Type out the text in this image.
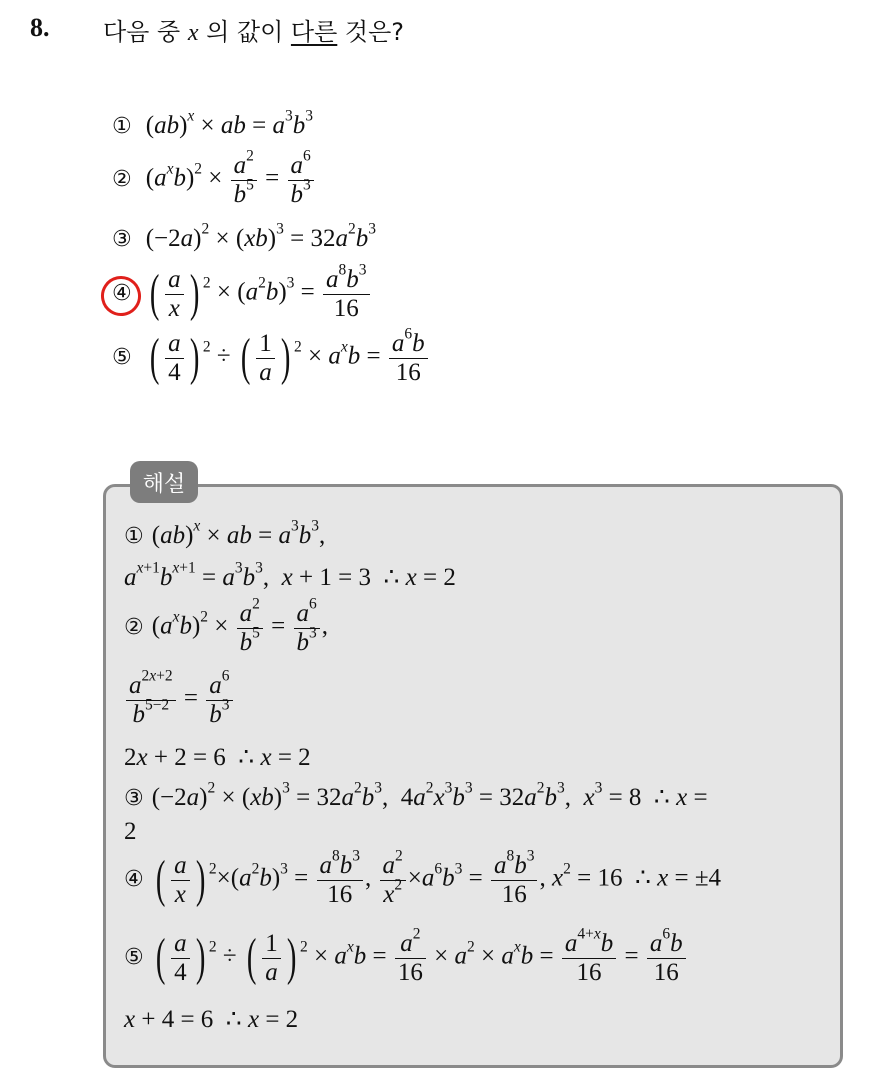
8. 다음 중 x 의 값이 다른 것은?
① (ab)$^x$ × ab = $a^3b^3$
② $(a^xb)^2 \times \frac{a^2}{b^5} = \frac{a^6}{b^3}$
③ $(-2a)^2 \times (xb)^3 = 32a^2b^3$
④ ( $\frac{a}{x}$ ) $^2 \times (a^2b)^3 = \frac{a^8b^3}{16}$
⑤ ( $\frac{a}{4}$ ) $^2$ ÷ ( $\frac{1}{a}$ ) $^2 \times a^xb = \frac{a^6b}{16}$
해설
① (ab)$^x$ × ab = $a^3b^3$,
$a^{x+1}b^{x+1} = a^3b^3$,  x + 1 = 3  ∴ x = 2
② $(a^xb)^2 \times \frac{a^2}{b^5} = \frac{a^6}{b^3}$ ,
$\frac{a^{2x+2}}{b^{5-2}} = \frac{a^6}{b^3}$
2x + 2 = 6  ∴ x = 2
③ $(-2a)^2 \times (xb)^3 = 32a^2b^3$,  $4a^2x^3b^3 = 32a^2b^3$,  $x^3 = 8$  ∴ x =
2
④ ( $\frac{a}{x}$ ) $^2\times(a^2b)^3 = \frac{a^8b^3}{16}$ , $\frac{a^2}{x^2} \times a^6b^3 = \frac{a^8b^3}{16}$ , $x^2 = 16$  ∴ x = ±4
⑤ ( $\frac{a}{4}$ ) $^2$ ÷ ( $\frac{1}{a}$ ) $^2 \times a^xb = \frac{a^2}{16} \times a^2 \times a^xb = \frac{a^{4+x}b}{16} = \frac{a^6b}{16}$
x + 4 = 6  ∴ x = 2
